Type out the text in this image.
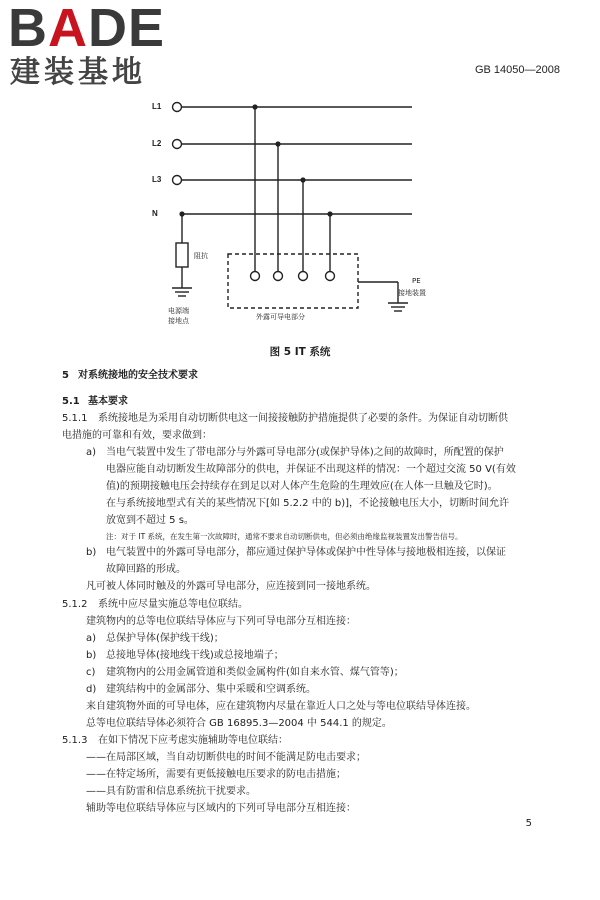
BADE
建装基地	GB 14050—2008
L1
L2
L3
N
阻抗
电源端
接地点	外露可导电部分
PE
接地装置
图 5 IT 系统
5 对系统接地的安全技术要求
5.1 基本要求
5.1.1 系统接地是为采用自动切断供电这一间接接触防护措施提供了必要的条件。为保证自动切断供
电措施的可靠和有效，要求做到：
a) 当电气装置中发生了带电部分与外露可导电部分(或保护导体)之间的故障时，所配置的保护
电器应能自动切断发生故障部分的供电，并保证不出现这样的情况：一个超过交流 50 V(有效
值)的预期接触电压会持续存在到足以对人体产生危险的生理效应(在人体一旦触及它时)。
在与系统接地型式有关的某些情况下[如 5.2.2 中的 b)]，不论接触电压大小，切断时间允许
放宽到不超过 5 s。
注：对于 IT 系统，在发生第一次故障时，通常不要求自动切断供电，但必须由绝缘监视装置发出警告信号。
b) 电气装置中的外露可导电部分，都应通过保护导体或保护中性导体与接地极相连接，以保证
故障回路的形成。
凡可被人体同时触及的外露可导电部分，应连接到同一接地系统。
5.1.2 系统中应尽量实施总等电位联结。
建筑物内的总等电位联结导体应与下列可导电部分互相连接：
a) 总保护导体(保护线干线)；
b) 总接地导体(接地线干线)或总接地端子；
c) 建筑物内的公用金属管道和类似金属构件(如自来水管、煤气管等)；
d) 建筑结构中的金属部分、集中采暖和空调系统。
来自建筑物外面的可导电体，应在建筑物内尽量在靠近人口之处与等电位联结导体连接。
总等电位联结导体必须符合 GB 16895.3—2004 中 544.1 的规定。
5.1.3 在如下情况下应考虑实施辅助等电位联结：
——在局部区域，当自动切断供电的时间不能满足防电击要求；
——在特定场所，需要有更低接触电压要求的防电击措施；
——具有防雷和信息系统抗干扰要求。
辅助等电位联结导体应与区域内的下列可导电部分互相连接：
5
